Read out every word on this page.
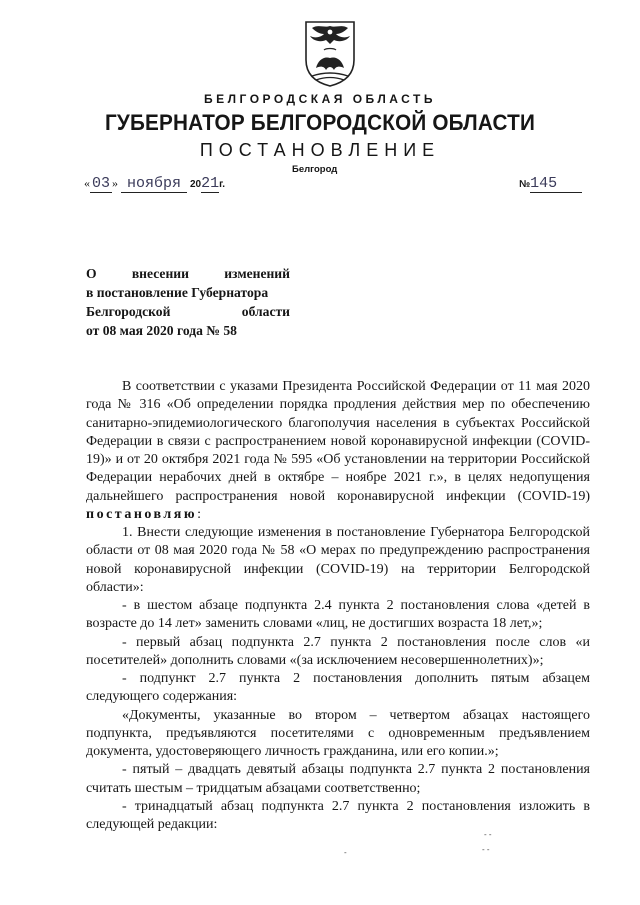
БЕЛГОРОДСКАЯ ОБЛАСТЬ
ГУБЕРНАТОР БЕЛГОРОДСКОЙ ОБЛАСТИ
ПОСТАНОВЛЕНИЕ
Белгород
« 03 » ноября 2021г.	№145
О	внесении	изменений
в постановление Губернатора
Белгородской	области
от 08 мая 2020 года № 58

В соответствии с указами Президента Российской Федерации от 11 мая 2020 года № 316 «Об определении порядка продления действия мер по обеспечению санитарно-эпидемиологического благополучия населения в субъектах Российской Федерации в связи с распространением новой коронавирусной инфекции (COVID-19)» и от 20 октября 2021 года № 595 «Об установлении на территории Российской Федерации нерабочих дней в октябре – ноябре 2021 г.», в целях недопущения дальнейшего распространения новой коронавирусной инфекции (COVID-19) постановляю:

1. Внести следующие изменения в постановление Губернатора Белгородской области от 08 мая 2020 года № 58 «О мерах по предупреждению распространения новой коронавирусной инфекции (COVID-19) на территории Белгородской области»:

- в шестом абзаце подпункта 2.4 пункта 2 постановления слова «детей в возрасте до 14 лет» заменить словами «лиц, не достигших возраста 18 лет,»;

- первый абзац подпункта 2.7 пункта 2 постановления после слов «и посетителей» дополнить словами «(за исключением несовершеннолетних)»;

- подпункт 2.7 пункта 2 постановления дополнить пятым абзацем следующего содержания:

«Документы, указанные во втором – четвертом абзацах настоящего подпункта, предъявляются посетителями с одновременным предъявлением документа, удостоверяющего личность гражданина, или его копии.»;

- пятый – двадцать девятый абзацы подпункта 2.7 пункта 2 постановления считать шестым – тридцатым абзацами соответственно;

- тринадцатый абзац подпункта 2.7 пункта 2 постановления изложить в следующей редакции:

-
- -
- -
